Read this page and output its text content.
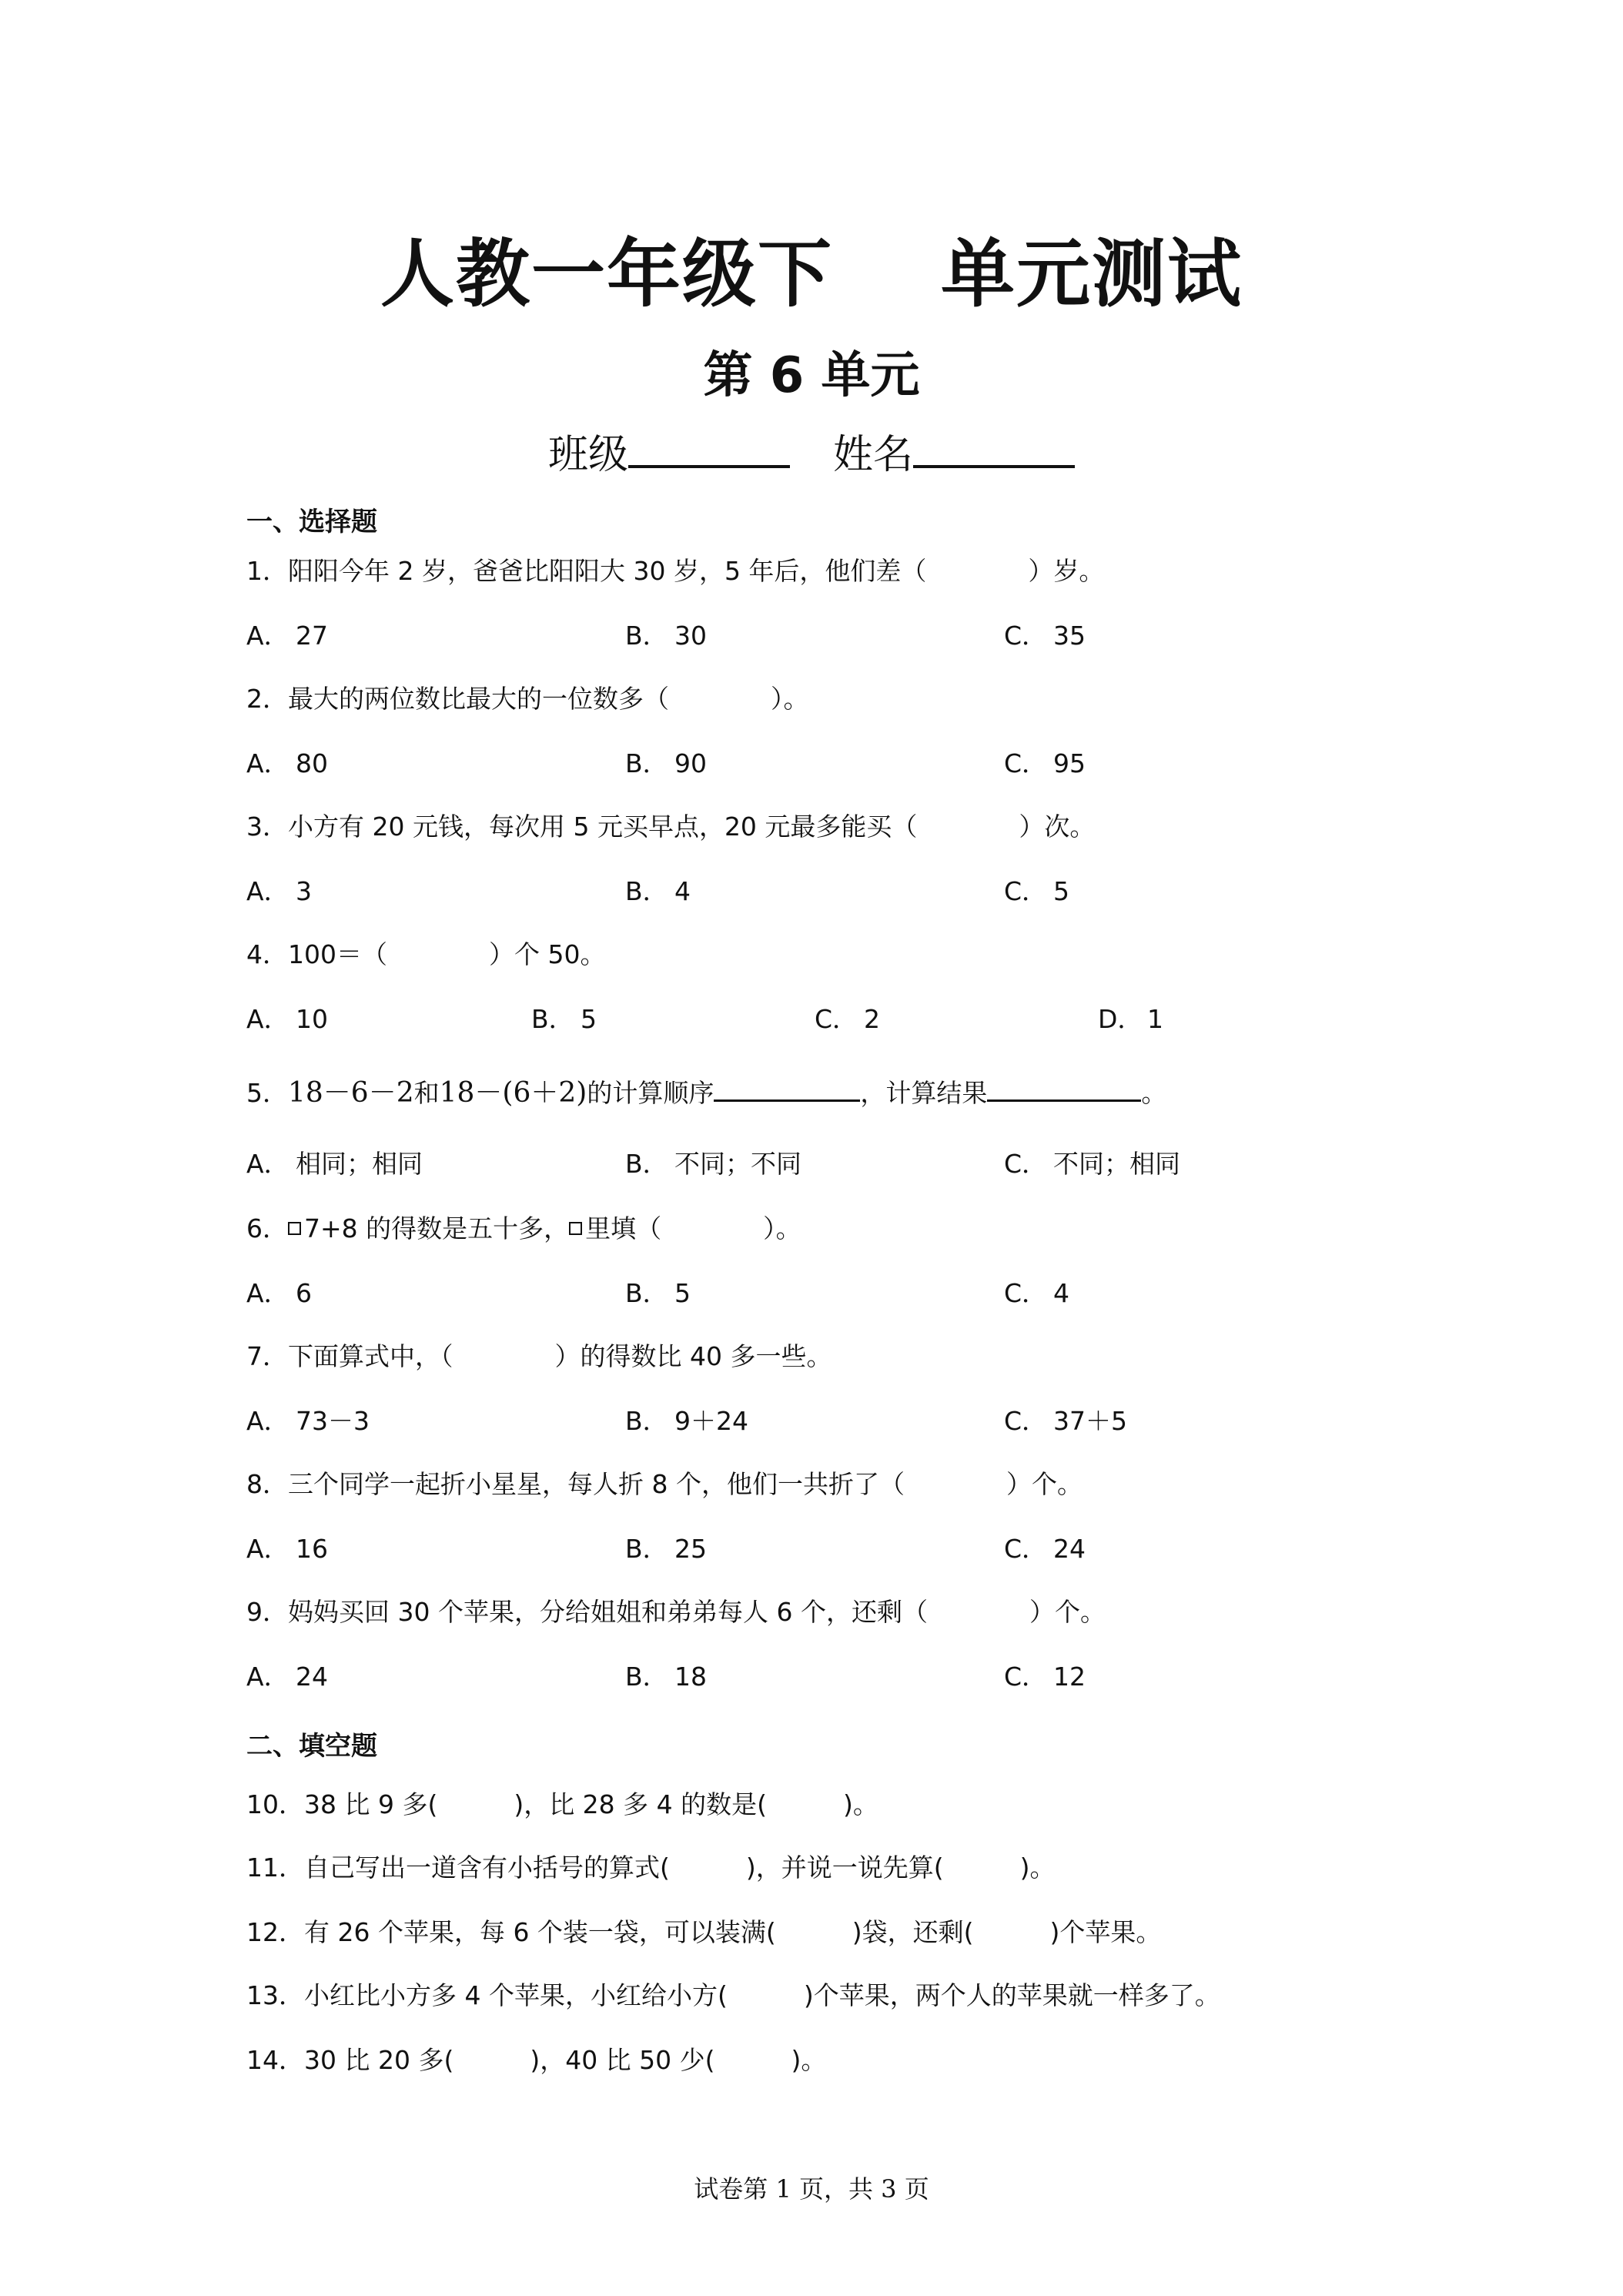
人教一年级下 单元测试
第 6 单元
班级	姓名
一、选择题
1．阳阳今年 2 岁，爸爸比阳阳大 30 岁，5 年后，他们差（　　　　）岁。
A． 27	B． 30	C． 35
2．最大的两位数比最大的一位数多（　　　　）。
A． 80	B． 90	C． 95
3．小方有 20 元钱，每次用 5 元买早点，20 元最多能买（　　　　）次。
A． 3	B． 4	C． 5
4．100＝（　　　　）个 50。
A． 10	B． 5	C． 2	D． 1
5．18－6－2和18－(6＋2)的计算顺序	，计算结果	。
A． 相同；相同	B． 不同；不同	C． 不同；相同
6． 7+8 的得数是五十多， 里填（　　　　）。
A． 6	B． 5	C． 4
7．下面算式中，（　　　　）的得数比 40 多一些。
A． 73－3	B． 9＋24	C． 37＋5
8．三个同学一起折小星星，每人折 8 个，他们一共折了（　　　　）个。
A． 16	B． 25	C． 24
9．妈妈买回 30 个苹果，分给姐姐和弟弟每人 6 个，还剩（　　　　）个。
A． 24	B． 18	C． 12
二、填空题
10．38 比 9 多(　　　)，比 28 多 4 的数是(　　　)。
11．自己写出一道含有小括号的算式(　　　)，并说一说先算(　　　)。
12．有 26 个苹果，每 6 个装一袋，可以装满(　　　)袋，还剩(　　　)个苹果。
13．小红比小方多 4 个苹果，小红给小方(　　　)个苹果，两个人的苹果就一样多了。
14．30 比 20 多(　　　)，40 比 50 少(　　　)。
试卷第 1 页，共 3 页
